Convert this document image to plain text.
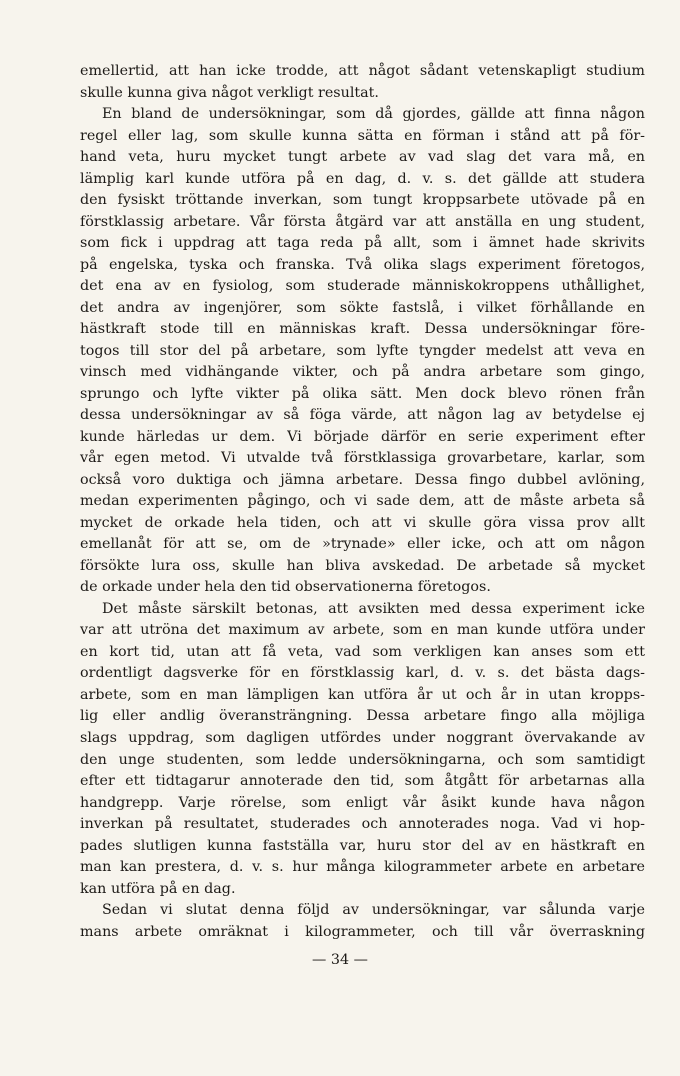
emellertid, att han icke trodde, att något sådant vetenskapligt studium
skulle kunna giva något verkligt resultat.
En bland de undersökningar, som då gjordes, gällde att finna någon
regel eller lag, som skulle kunna sätta en förman i stånd att på för-
hand veta, huru mycket tungt arbete av vad slag det vara må, en
lämplig karl kunde utföra på en dag, d. v. s. det gällde att studera
den fysiskt tröttande inverkan, som tungt kroppsarbete utövade på en
förstklassig arbetare. Vår första åtgärd var att anställa en ung student,
som fick i uppdrag att taga reda på allt, som i ämnet hade skrivits
på engelska, tyska och franska. Två olika slags experiment företogos,
det ena av en fysiolog, som studerade människokroppens uthållighet,
det andra av ingenjörer, som sökte fastslå, i vilket förhållande en
hästkraft stode till en människas kraft. Dessa undersökningar före-
togos till stor del på arbetare, som lyfte tyngder medelst att veva en
vinsch med vidhängande vikter, och på andra arbetare som gingo,
sprungo och lyfte vikter på olika sätt. Men dock blevo rönen från
dessa undersökningar av så föga värde, att någon lag av betydelse ej
kunde härledas ur dem. Vi började därför en serie experiment efter
vår egen metod. Vi utvalde två förstklassiga grovarbetare, karlar, som
också voro duktiga och jämna arbetare. Dessa fingo dubbel avlöning,
medan experimenten pågingo, och vi sade dem, att de måste arbeta så
mycket de orkade hela tiden, och att vi skulle göra vissa prov allt
emellanåt för att se, om de »trynade» eller icke, och att om någon
försökte lura oss, skulle han bliva avskedad. De arbetade så mycket
de orkade under hela den tid observationerna företogos.
Det måste särskilt betonas, att avsikten med dessa experiment icke
var att utröna det maximum av arbete, som en man kunde utföra under
en kort tid, utan att få veta, vad som verkligen kan anses som ett
ordentligt dagsverke för en förstklassig karl, d. v. s. det bästa dags-
arbete, som en man lämpligen kan utföra år ut och år in utan kropps-
lig eller andlig överansträngning. Dessa arbetare fingo alla möjliga
slags uppdrag, som dagligen utfördes under noggrant övervakande av
den unge studenten, som ledde undersökningarna, och som samtidigt
efter ett tidtagarur annoterade den tid, som åtgått för arbetarnas alla
handgrepp. Varje rörelse, som enligt vår åsikt kunde hava någon
inverkan på resultatet, studerades och annoterades noga. Vad vi hop-
pades slutligen kunna fastställa var, huru stor del av en hästkraft en
man kan prestera, d. v. s. hur många kilogrammeter arbete en arbetare
kan utföra på en dag.
Sedan vi slutat denna följd av undersökningar, var sålunda varje
mans arbete omräknat i kilogrammeter, och till vår överraskning
— 34 —
